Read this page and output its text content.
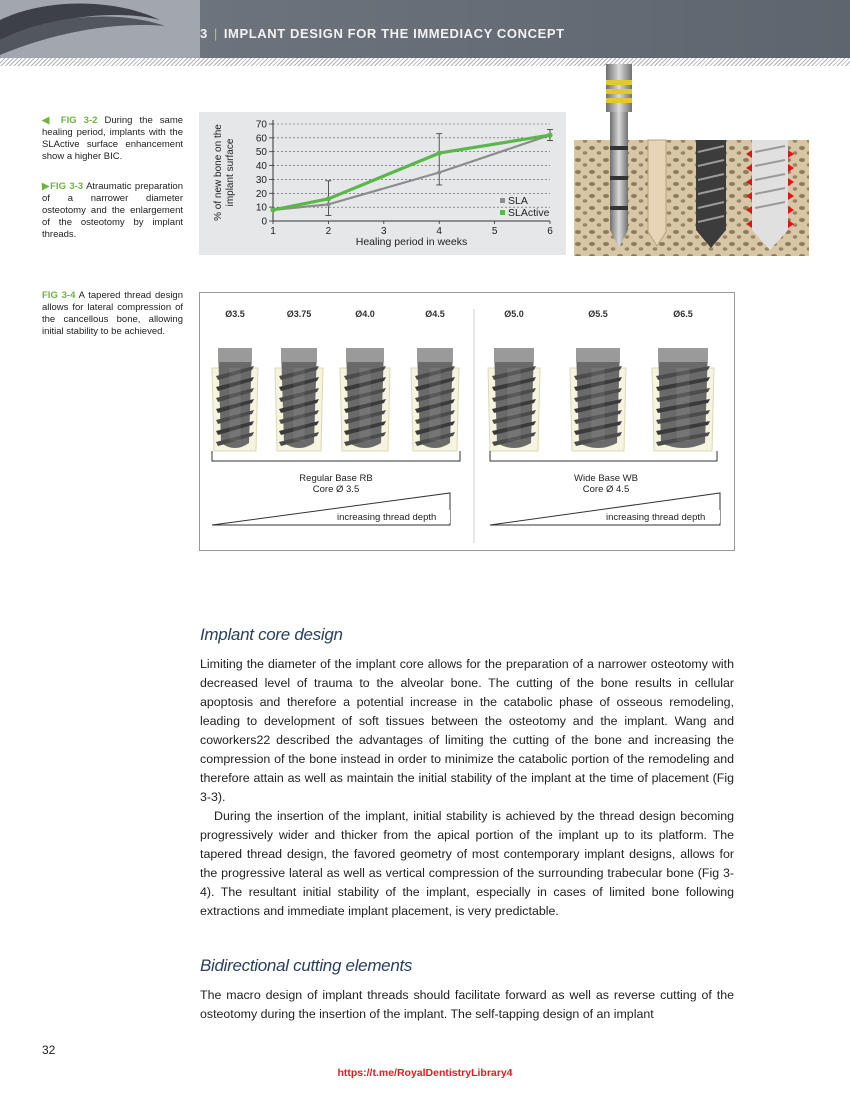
3 | IMPLANT DESIGN FOR THE IMMEDIACY CONCEPT
◀ FIG 3-2 During the same healing period, implants with the SLActive surface enhancement show a higher BIC.
▶FIG 3-3 Atraumatic preparation of a narrower diameter osteotomy and the enlargement of the osteotomy by implant threads.
FIG 3-4 A tapered thread design allows for lateral compression of the cancellous bone, allowing initial stability to be achieved.
0
10
20
30
40
50
60
70
1	2	3	4	5	6
Healing period in weeks
% of new bone on the implant surface	SLA
SLActive
Ø3.5	Ø3.75	Ø4.0	Ø4.5	Ø5.0	Ø5.5	Ø6.5
Regular Base RB
Core Ø 3.5
Wide Base WB
Core Ø 4.5
increasing thread depth	increasing thread depth
Implant core design

Limiting the diameter of the implant core allows for the preparation of a narrower osteotomy with decreased level of trauma to the alveolar bone. The cutting of the bone results in cellular apoptosis and therefore a potential increase in the catabolic phase of osseous remodeling, leading to development of soft tissues between the osteotomy and the implant. Wang and coworkers22 described the advantages of limiting the cutting of the bone and increasing the compression of the bone instead in order to minimize the catabolic portion of the remodeling and therefore attain as well as maintain the initial stability of the implant at the time of placement (Fig 3-3).

During the insertion of the implant, initial stability is achieved by the thread design becoming progressively wider and thicker from the apical portion of the implant up to its platform. The tapered thread design, the favored geometry of most contemporary implant designs, allows for the progressive lateral as well as vertical compression of the surrounding trabecular bone (Fig 3-4). The resultant initial stability of the implant, especially in cases of limited bone following extractions and immediate implant placement, is very predictable.

Bidirectional cutting elements

The macro design of implant threads should facilitate forward as well as reverse cutting of the osteotomy during the insertion of the implant. The self-tapping design of an implant

32
https://t.me/RoyalDentistryLibrary4
